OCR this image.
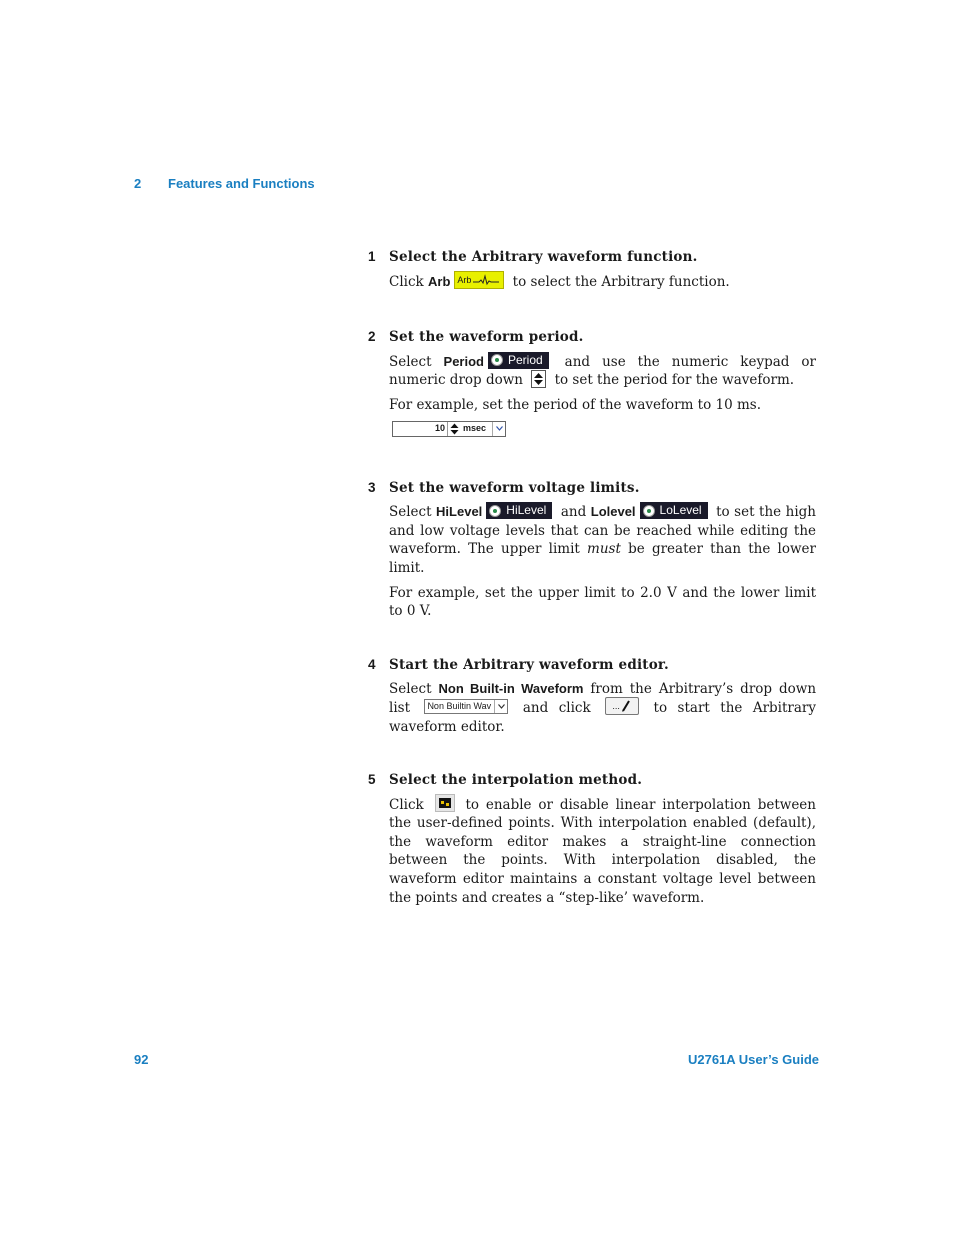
2 Features and Functions
1 Select the Arbitrary waveform function.
Click Arb Arb	to select the Arbitrary function.
2 Set the waveform period.
Select Period Period and use the numeric keypad or numeric drop down
to set the period for the waveform.
For example, set the period of the waveform to 10 ms.
10	msec
3 Set the waveform voltage limits.
Select HiLevel HiLevel and Lolevel LoLevel to set the high and low voltage levels that can be reached while editing the waveform. The upper limit must be greater than the lower limit.
For example, set the upper limit to 2.0 V and the lower limit to 0 V.
4 Start the Arbitrary waveform editor.
Select Non Built-in Waveform from the Arbitrary’s drop down list Non Builtin Wav and click ... to start the Arbitrary waveform editor.
5 Select the interpolation method.
Click
to enable or disable linear interpolation between the user-defined points. With interpolation enabled (default), the waveform editor makes a straight-line connection between the points. With interpolation disabled, the waveform editor maintains a constant voltage level between the points and creates a “step-like’ waveform.
92	U2761A User’s Guide
